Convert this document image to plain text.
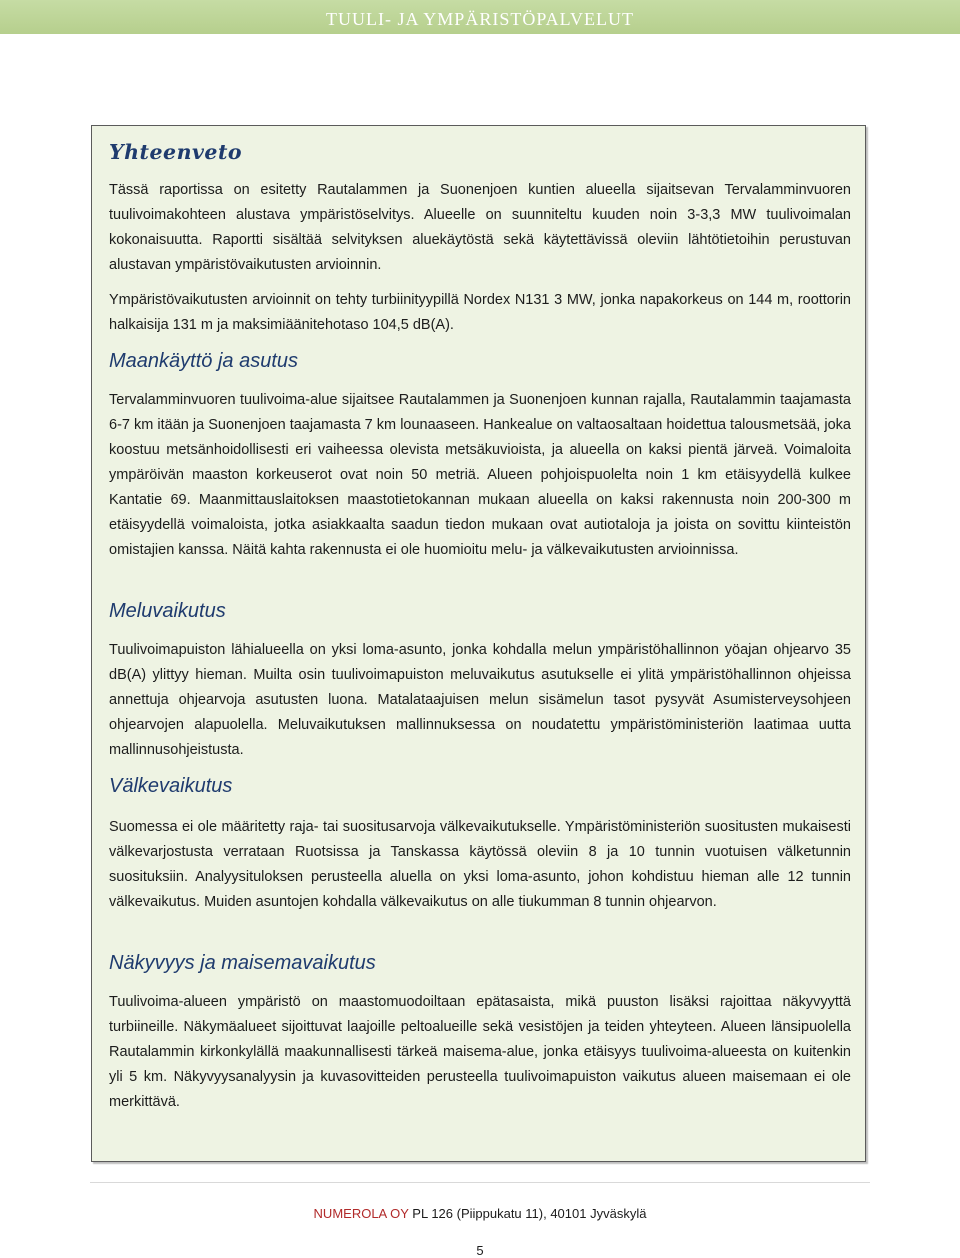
TUULI- JA YMPÄRISTÖPALVELUT
Yhteenveto

Tässä raportissa on esitetty Rautalammen ja Suonenjoen kuntien alueella sijaitsevan Tervalamminvuoren tuulivoimakohteen alustava ympäristöselvitys. Alueelle on suunniteltu kuuden noin 3-3,3 MW tuulivoimalan kokonaisuutta. Raportti sisältää selvityksen aluekäytöstä sekä käytettävissä oleviin lähtötietoihin perustuvan alustavan ympäristövaikutusten arvioinnin.

Ympäristövaikutusten arvioinnit on tehty turbiinityypillä Nordex N131 3 MW, jonka napakorkeus on 144 m, roottorin halkaisija 131 m ja maksimiäänitehotaso 104,5 dB(A).

Maankäyttö ja asutus

Tervalamminvuoren tuulivoima-alue sijaitsee Rautalammen ja Suonenjoen kunnan rajalla, Rautalammin taajamasta 6-7 km itään ja Suonenjoen taajamasta 7 km lounaaseen. Hankealue on valtaosaltaan hoidettua talousmetsää, joka koostuu metsänhoidollisesti eri vaiheessa olevista metsäkuvioista, ja alueella on kaksi pientä järveä. Voimaloita ympäröivän maaston korkeuserot ovat noin 50 metriä. Alueen pohjoispuolelta noin 1 km etäisyydellä kulkee Kantatie 69. Maanmittauslaitoksen maastotietokannan mukaan alueella on kaksi rakennusta noin 200-300 m etäisyydellä voimaloista, jotka asiakkaalta saadun tiedon mukaan ovat autiotaloja ja joista on sovittu kiinteistön omistajien kanssa. Näitä kahta rakennusta ei ole huomioitu melu- ja välkevaikutusten arvioinnissa.

Meluvaikutus

Tuulivoimapuiston lähialueella on yksi loma-asunto, jonka kohdalla melun ympäristöhallinnon yöajan ohjearvo 35 dB(A) ylittyy hieman. Muilta osin tuulivoimapuiston meluvaikutus asutukselle ei ylitä ympäristöhallinnon ohjeissa annettuja ohjearvoja asutusten luona. Matalataajuisen melun sisämelun tasot pysyvät Asumisterveysohjeen ohjearvojen alapuolella. Meluvaikutuksen mallinnuksessa on noudatettu ympäristöministeriön laatimaa uutta mallinnusohjeistusta.

Välkevaikutus

Suomessa ei ole määritetty raja- tai suositusarvoja välkevaikutukselle. Ympäristöministeriön suositusten mukaisesti välkevarjostusta verrataan Ruotsissa ja Tanskassa käytössä oleviin 8 ja 10 tunnin vuotuisen välketunnin suosituksiin. Analyysituloksen perusteella aluella on yksi loma-asunto, johon kohdistuu hieman alle 12 tunnin välkevaikutus. Muiden asuntojen kohdalla välkevaikutus on alle tiukumman 8 tunnin ohjearvon.

Näkyvyys ja maisemavaikutus

Tuulivoima-alueen ympäristö on maastomuodoiltaan epätasaista, mikä puuston lisäksi rajoittaa näkyvyyttä turbiineille. Näkymäalueet sijoittuvat laajoille peltoalueille sekä vesistöjen ja teiden yhteyteen. Alueen länsipuolella Rautalammin kirkonkylällä maakunnallisesti tärkeä maisema-alue, jonka etäisyys tuulivoima-alueesta on kuitenkin yli 5 km. Näkyvyysanalyysin ja kuvasovitteiden perusteella tuulivoimapuiston vaikutus alueen maisemaan ei ole merkittävä.

NUMEROLA OY PL 126 (Piippukatu 11), 40101 Jyväskylä
5
